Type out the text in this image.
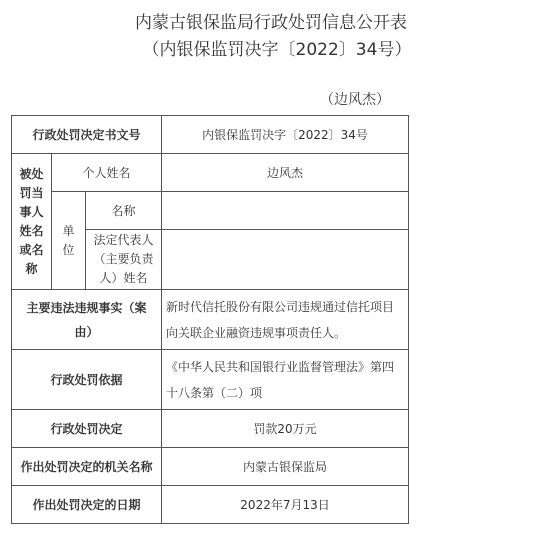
内蒙古银保监局行政处罚信息公开表
（内银保监罚决字〔2022〕34号）
（边风杰）
行政处罚决定书文号			内银保监罚决字〔2022〕34号
被处罚当事人姓名或名称	个人姓名		边风杰
	单位	名称	
		法定代表人（主要负责人）姓名	
主要违法违规事实（案由）			新时代信托股份有限公司违规通过信托项目向关联企业融资违规事项责任人。
行政处罚依据			《中华人民共和国银行业监督管理法》第四十八条第（二）项
行政处罚决定			罚款20万元
作出处罚决定的机关名称			内蒙古银保监局
作出处罚决定的日期			2022年7月13日
